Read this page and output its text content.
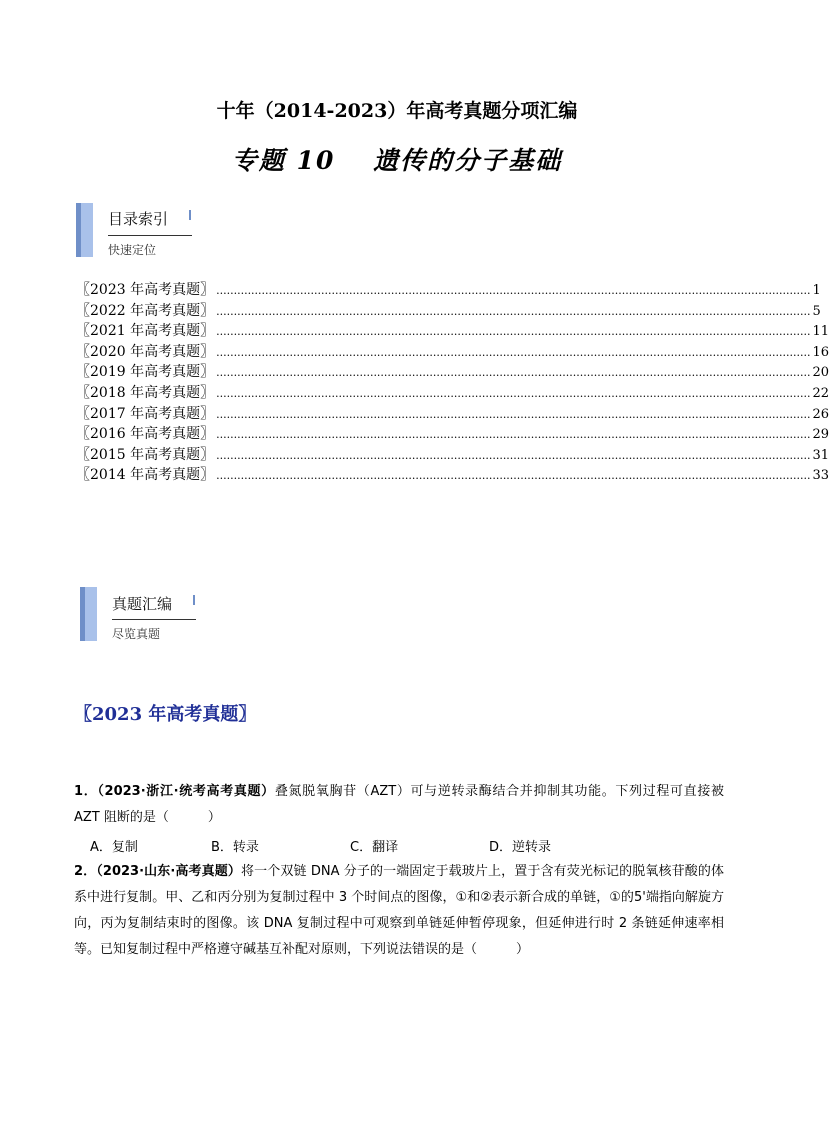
十年（2014-2023）年高考真题分项汇编
专题 10　 遗传的分子基础
目录索引
快速定位
〖2023 年高考真题〗 .......................................................................................................................................................................... 1
〖2022 年高考真题〗 .......................................................................................................................................................................... 5
〖2021 年高考真题〗 .......................................................................................................................................................................... 11
〖2020 年高考真题〗 .......................................................................................................................................................................... 16
〖2019 年高考真题〗 .......................................................................................................................................................................... 20
〖2018 年高考真题〗 .......................................................................................................................................................................... 22
〖2017 年高考真题〗 .......................................................................................................................................................................... 26
〖2016 年高考真题〗 .......................................................................................................................................................................... 29
〖2015 年高考真题〗 .......................................................................................................................................................................... 31
〖2014 年高考真题〗 .......................................................................................................................................................................... 33
真题汇编
尽览真题
〖2023 年高考真题〗
1．（2023·浙江·统考高考真题）叠氮脱氧胸苷（AZT）可与逆转录酶结合并抑制其功能。下列过程可直接被 AZT 阻断的是（　　　）
A．复制	B．转录	C．翻译	D．逆转录
2．（2023·山东·高考真题）将一个双链 DNA 分子的一端固定于载玻片上，置于含有荧光标记的脱氧核苷酸的体系中进行复制。甲、乙和丙分别为复制过程中 3 个时间点的图像，①和②表示新合成的单链，①的5'端指向解旋方向，丙为复制结束时的图像。该 DNA 复制过程中可观察到单链延伸暂停现象，但延伸进行时 2 条链延伸速率相等。已知复制过程中严格遵守碱基互补配对原则，下列说法错误的是（　　　）
